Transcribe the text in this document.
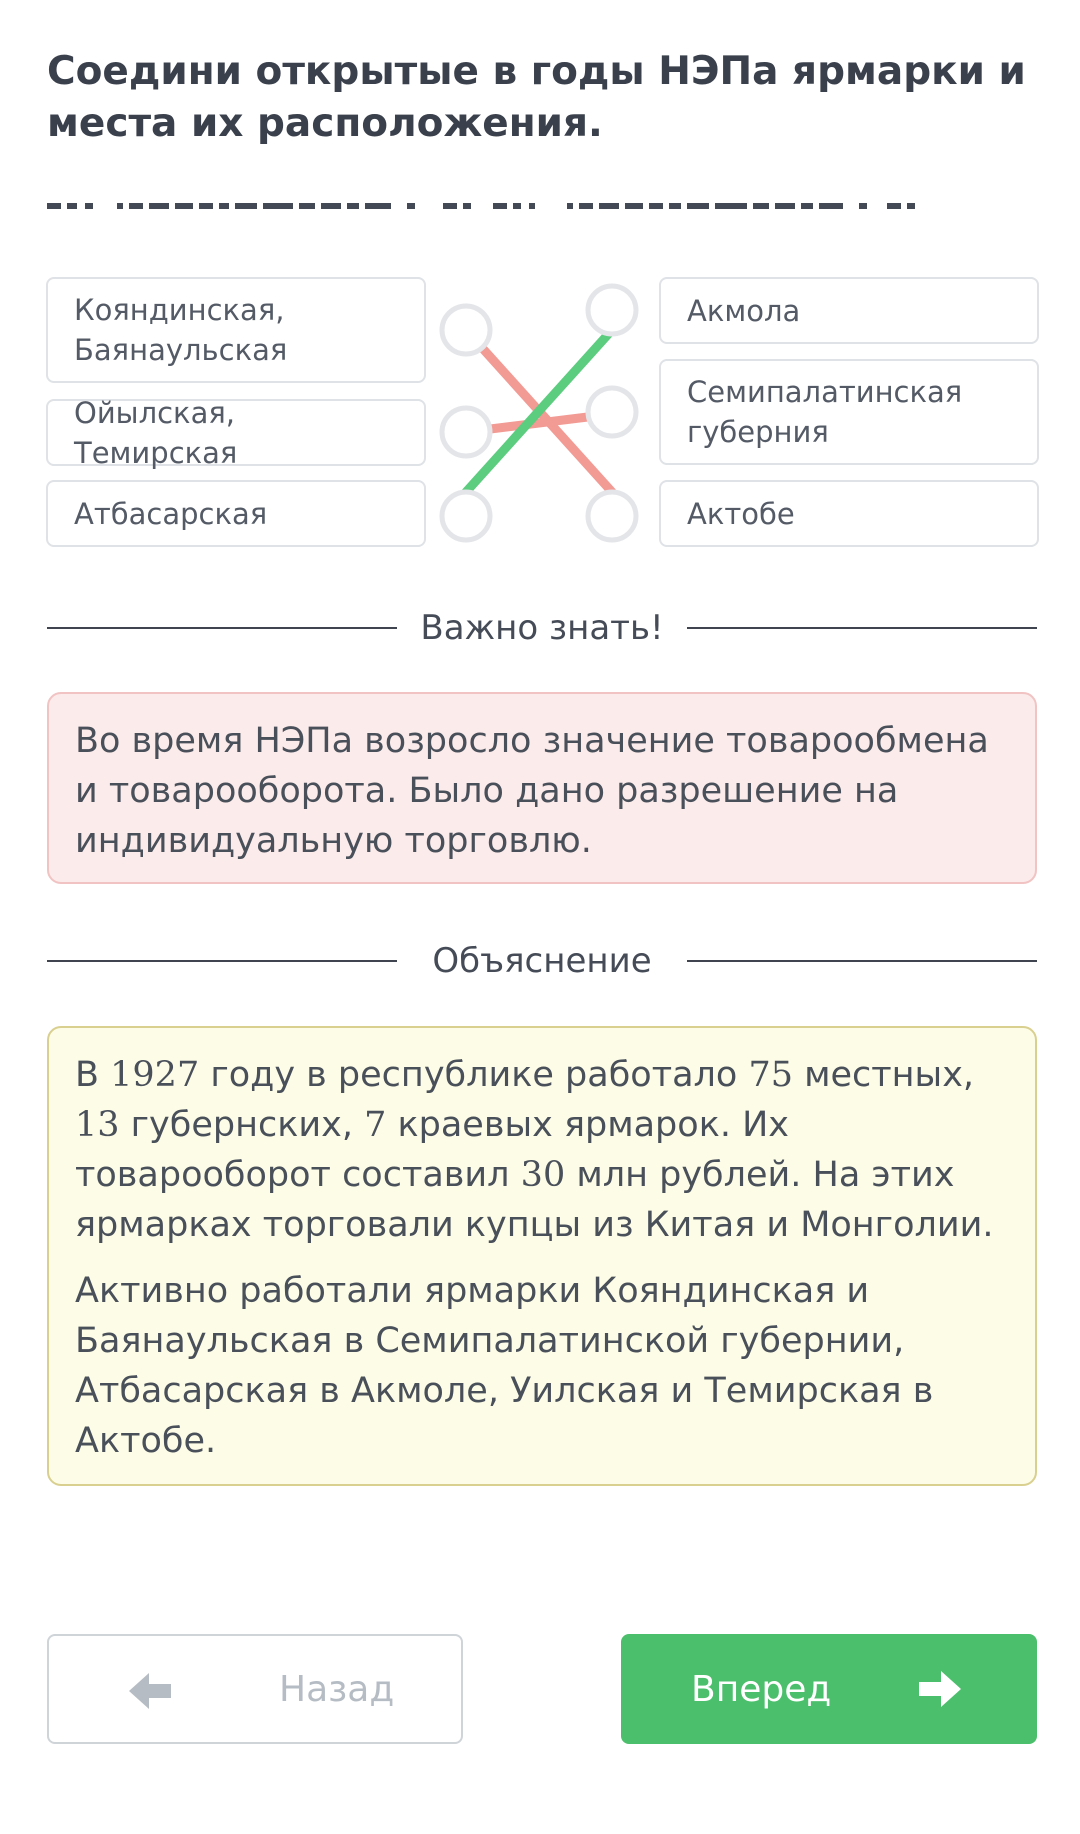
Соедини открытые в годы НЭПа ярмарки и места их расположения.
Кояндинская, Баянаульская
Ойылская, Темирская
Атбасарская
Акмола
Семипалатинская губерния
Актобе
Важно знать!

Во время НЭПа возросло значение товарообмена и товарооборота. Было дано разрешение на индивидуальную торговлю.

Объяснение

В 1927 году в республике работало 75 местных, 13 губернских, 7 краевых ярмарок. Их товарооборот составил 30 млн рублей. На этих ярмарках торговали купцы из Китая и Монголии.

Активно работали ярмарки Кояндинская и Баянаульская в Семипалатинской губернии, Атбасарская в Акмоле, Уилская и Темирская в Актобе.

Назад	Вперед
